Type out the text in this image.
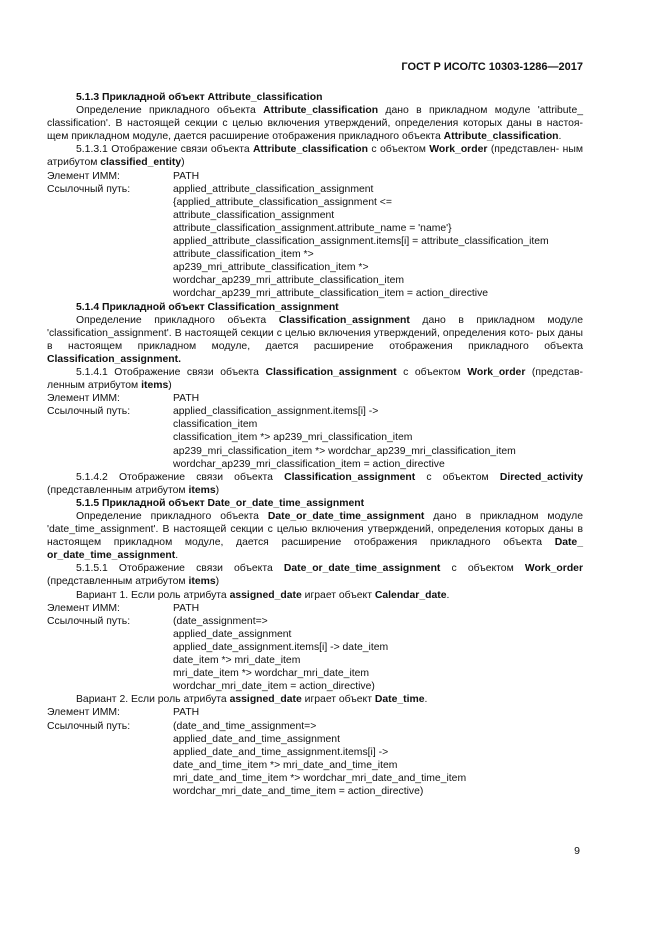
ГОСТ Р ИСО/ТС 10303-1286—2017

5.1.3 Прикладной объект Attribute_classification

Определение прикладного объекта Attribute_classification дано в прикладном модуле 'attribute_ classification'. В настоящей секции с целью включения утверждений, определения которых даны в настоя- щем прикладном модуле, дается расширение отображения прикладного объекта Attribute_classification.

5.1.3.1 Отображение связи объекта Attribute_classification с объектом Work_order (представлен- ным атрибутом classified_entity)

Элемент ИММ:	PATH
Ссылочный путь:	applied_attribute_classification_assignment
{applied_attribute_classification_assignment <=
attribute_classification_assignment
attribute_classification_assignment.attribute_name = 'name'}
applied_attribute_classification_assignment.items[i] = attribute_classification_item
attribute_classification_item *>
ap239_mri_attribute_classification_item *>
wordchar_ap239_mri_attribute_classification_item
wordchar_ap239_mri_attribute_classification_item = action_directive

5.1.4 Прикладной объект Classification_assignment

Определение прикладного объекта Classification_assignment дано в прикладном модуле 'classification_assignment'. В настоящей секции с целью включения утверждений, определения кото- рых даны в настоящем прикладном модуле, дается расширение отображения прикладного объекта Classification_assignment.

5.1.4.1 Отображение связи объекта Classification_assignment с объектом Work_order (представ- ленным атрибутом items)

Элемент ИММ:	PATH
Ссылочный путь:	applied_classification_assignment.items[i] ->
classification_item
classification_item *> ap239_mri_classification_item
ap239_mri_classification_item *> wordchar_ap239_mri_classification_item
wordchar_ap239_mri_classification_item = action_directive

5.1.4.2 Отображение связи объекта Classification_assignment с объектом Directed_activity (представленным атрибутом items)

5.1.5 Прикладной объект Date_or_date_time_assignment

Определение прикладного объекта Date_or_date_time_assignment дано в прикладном модуле 'date_time_assignment'. В настоящей секции с целью включения утверждений, определения которых даны в настоящем прикладном модуле, дается расширение отображения прикладного объекта Date_ or_date_time_assignment.

5.1.5.1 Отображение связи объекта Date_or_date_time_assignment с объектом Work_order (представленным атрибутом items)

Вариант 1. Если роль атрибута assigned_date играет объект Calendar_date.

Элемент ИММ:	PATH
Ссылочный путь:	(date_assignment=>
applied_date_assignment
applied_date_assignment.items[i] -> date_item
date_item *> mri_date_item
mri_date_item *> wordchar_mri_date_item
wordchar_mri_date_item = action_directive)

Вариант 2. Если роль атрибута assigned_date играет объект Date_time.

Элемент ИММ:	PATH
Ссылочный путь:	(date_and_time_assignment=>
applied_date_and_time_assignment
applied_date_and_time_assignment.items[i] ->
date_and_time_item *> mri_date_and_time_item
mri_date_and_time_item *> wordchar_mri_date_and_time_item
wordchar_mri_date_and_time_item = action_directive)
9
